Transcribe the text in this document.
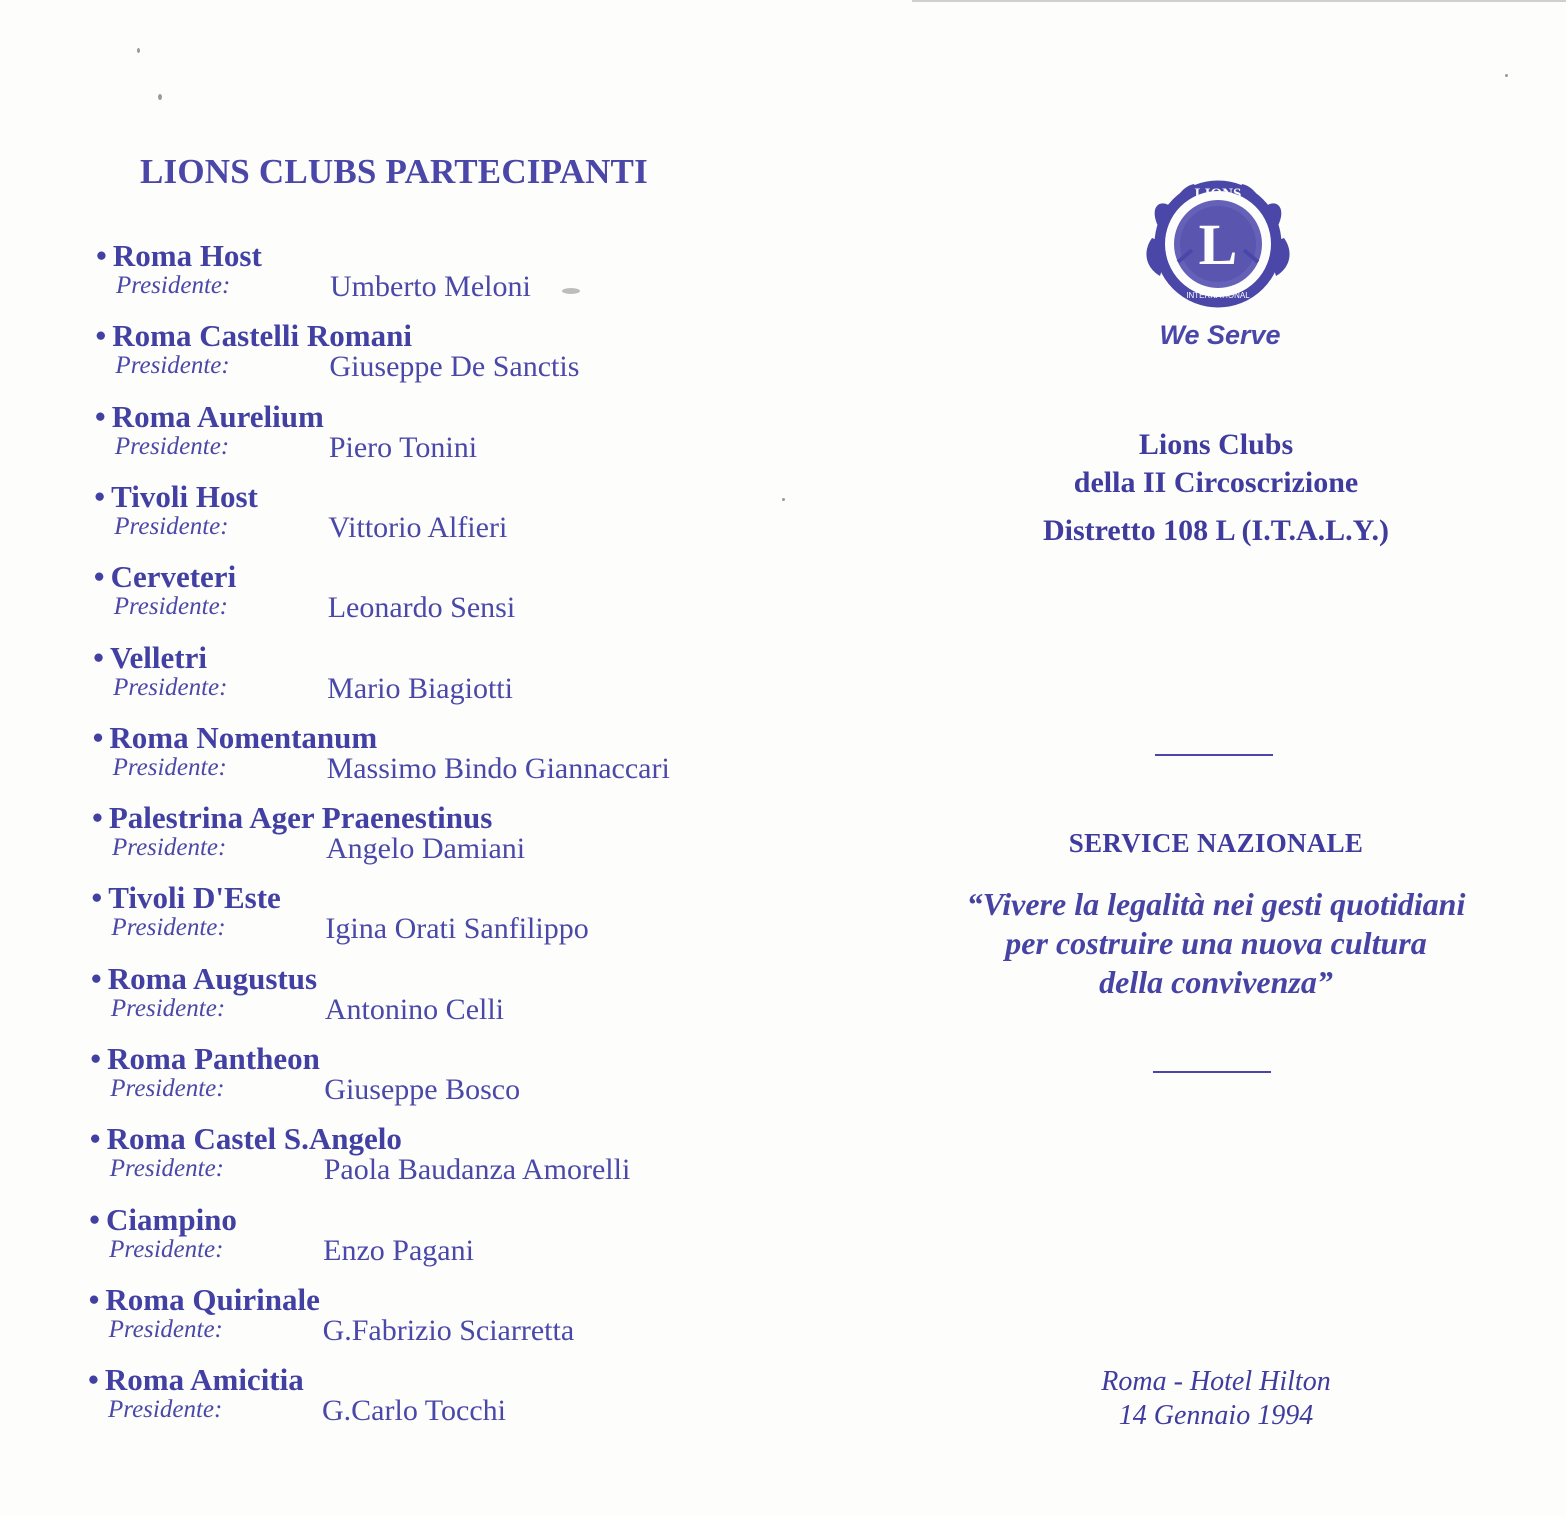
LIONS CLUBS PARTECIPANTI
• Roma Host
Presidente:	Umberto Meloni
• Roma Castelli Romani
Presidente:	Giuseppe De Sanctis
• Roma Aurelium
Presidente:	Piero Tonini
• Tivoli Host
Presidente:	Vittorio Alfieri
• Cerveteri
Presidente:	Leonardo Sensi
• Velletri
Presidente:	Mario Biagiotti
• Roma Nomentanum
Presidente:	Massimo Bindo Giannaccari
• Palestrina Ager Praenestinus
Presidente:	Angelo Damiani
• Tivoli D'Este
Presidente:	Igina Orati Sanfilippo
• Roma Augustus
Presidente:	Antonino Celli
• Roma Pantheon
Presidente:	Giuseppe Bosco
• Roma Castel S.Angelo
Presidente:	Paola Baudanza Amorelli
• Ciampino
Presidente:	Enzo Pagani
• Roma Quirinale
Presidente:	G.Fabrizio Sciarretta
• Roma Amicitia
Presidente:	G.Carlo Tocchi
L
LIONS
INTERNATIONAL
We Serve
Lions Clubs
della II Circoscrizione
Distretto 108 L (I.T.A.L.Y.)
SERVICE NAZIONALE
“Vivere la legalità nei gesti quotidiani
per costruire una nuova cultura
della convivenza”
Roma - Hotel Hilton
14 Gennaio 1994
